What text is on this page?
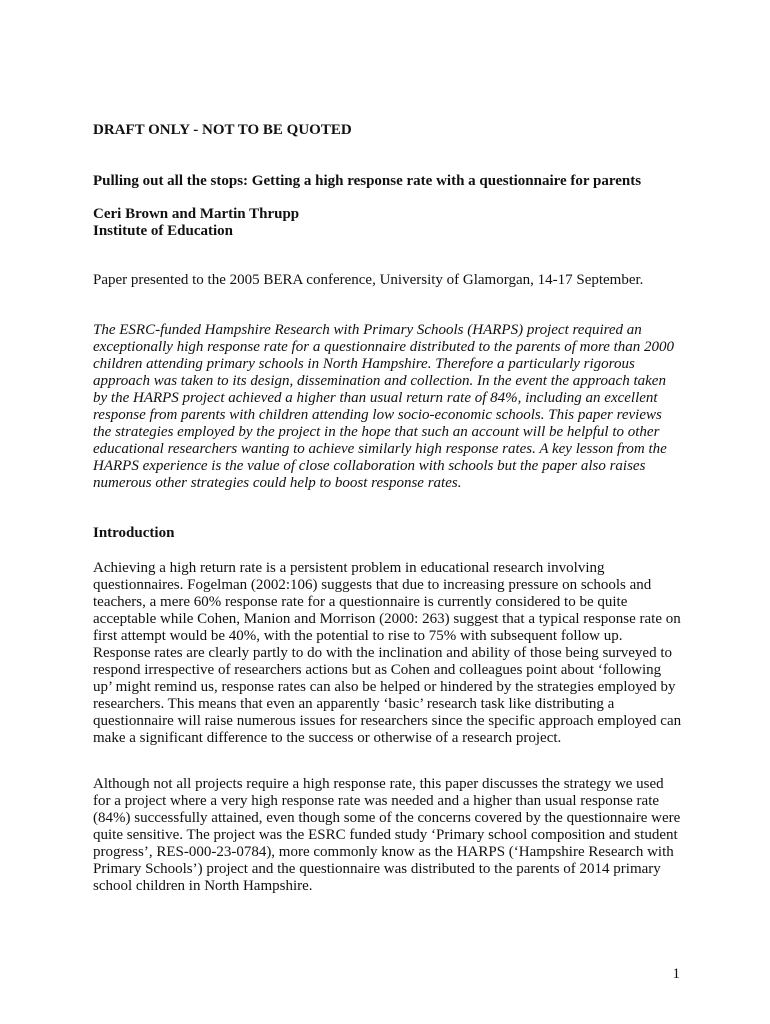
DRAFT ONLY - NOT TO BE QUOTED

Pulling out all the stops: Getting a high response rate with a questionnaire for parents

Ceri Brown and Martin Thrupp

Institute of Education

Paper presented to the 2005 BERA conference, University of Glamorgan, 14-17 September.

The ESRC-funded Hampshire Research with Primary Schools (HARPS) project required an exceptionally high response rate for a questionnaire distributed to the parents of more than 2000 children attending primary schools in North Hampshire. Therefore a particularly rigorous approach was taken to its design, dissemination and collection. In the event the approach taken by the HARPS project achieved a higher than usual return rate of 84%, including an excellent response from parents with children attending low socio-economic schools. This paper reviews the strategies employed by the project in the hope that such an account will be helpful to other educational researchers wanting to achieve similarly high response rates. A key lesson from the HARPS experience is the value of close collaboration with schools but the paper also raises numerous other strategies could help to boost response rates.

Introduction

Achieving a high return rate is a persistent problem in educational research involving questionnaires. Fogelman (2002:106) suggests that due to increasing pressure on schools and teachers, a mere 60% response rate for a questionnaire is currently considered to be quite acceptable while Cohen, Manion and Morrison (2000: 263) suggest that a typical response rate on first attempt would be 40%, with the potential to rise to 75% with subsequent follow up. Response rates are clearly partly to do with the inclination and ability of those being surveyed to respond irrespective of researchers actions but as Cohen and colleagues point about ‘following up’ might remind us, response rates can also be helped or hindered by the strategies employed by researchers. This means that even an apparently ‘basic’ research task like distributing a questionnaire will raise numerous issues for researchers since the specific approach employed can make a significant difference to the success or otherwise of a research project.

Although not all projects require a high response rate, this paper discusses the strategy we used for a project where a very high response rate was needed and a higher than usual response rate (84%) successfully attained, even though some of the concerns covered by the questionnaire were quite sensitive. The project was the ESRC funded study ‘Primary school composition and student progress’, RES-000-23-0784), more commonly know as the HARPS (‘Hampshire Research with Primary Schools’) project and the questionnaire was distributed to the parents of 2014 primary school children in North Hampshire.

1
